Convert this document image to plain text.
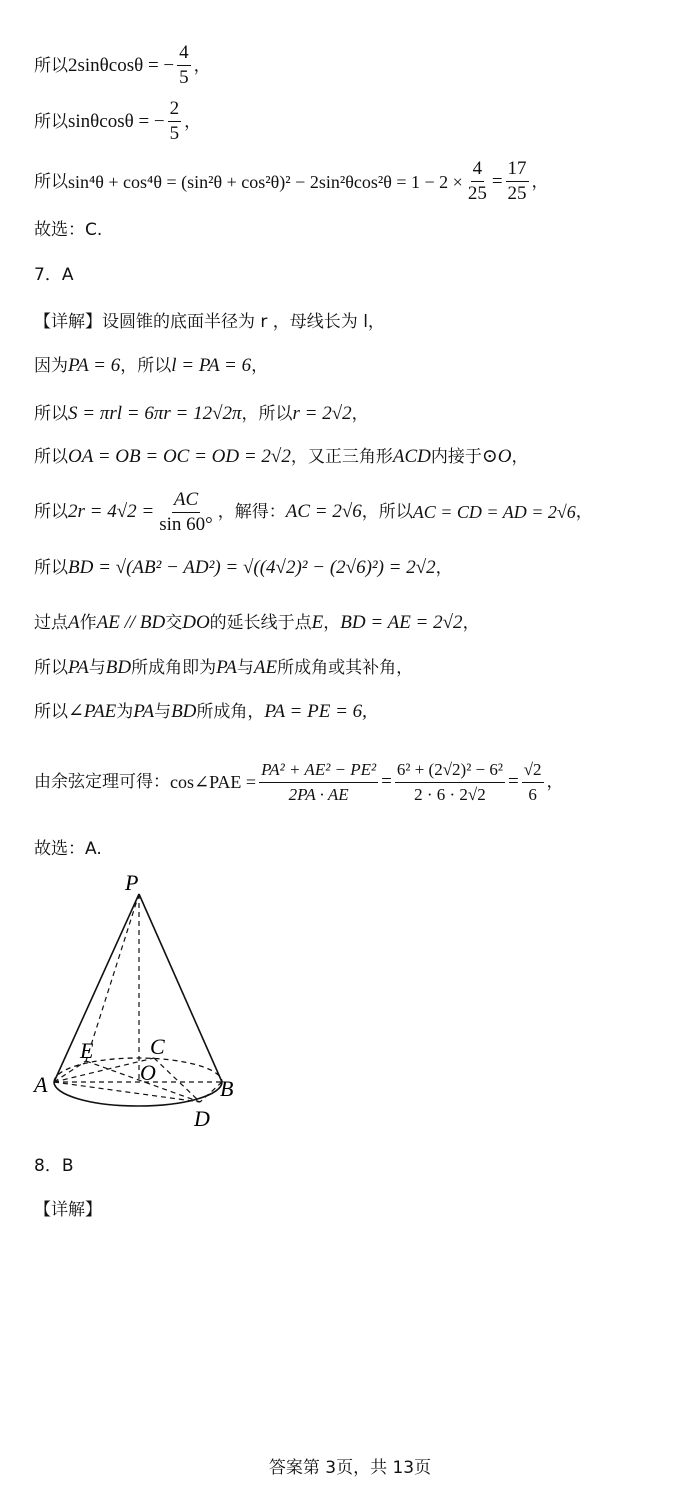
所以 2sinθcosθ = − $\frac{4}{5}$ ，
所以 sinθcosθ = − $\frac{2}{5}$ ，
所以 $\sin^4\theta + \cos^4\theta = (\sin^2\theta + \cos^2\theta)^2 - 2\sin^2\theta\cos^2\theta = 1 - 2 \times \frac{4}{25} = \frac{17}{25}$ ，
故选：C.
7．A
【详解】 设圆锥的底面半径为 r ，母线长为 l，
因为 PA = 6 ，所以 l = PA = 6 ，
所以 S = πrl = 6πr = 12√2π ，所以 r = 2√2 ，
所以 OA = OB = OC = OD = 2√2 ，又正三角形 ACD 内接于 ⊙O ，
所以 $2r = 4√2 = \frac{AC}{\sin 60^\circ}$ ，解得： AC = 2√6 ，所以 AC = CD = AD = 2√6 ，
所以 BD = √(AB² − AD²) = √((4√2)² − (2√6)²) = 2√2 ，
过点 A 作 AE // BD 交 DO 的延长线于点 E ， BD = AE = 2√2 ，
所以 PA 与 BD 所成角即为 PA 与 AE 所成角或其补角，
所以 ∠PAE 为 PA 与 BD 所成角， PA = PE = 6,
由余弦定理可得： cos∠PAE = $\frac{\text{PA² + AE² − PE²}}{2PA \cdot AE} = \frac{\text{6² + (2√2)² − 6²}}{2 \cdot 6 \cdot 2√2} = \frac{√2}{6}$ ，
故选：A.
P
E	C
O
A	B
D
8．B
【详解】
答案第 3页，共 13页
